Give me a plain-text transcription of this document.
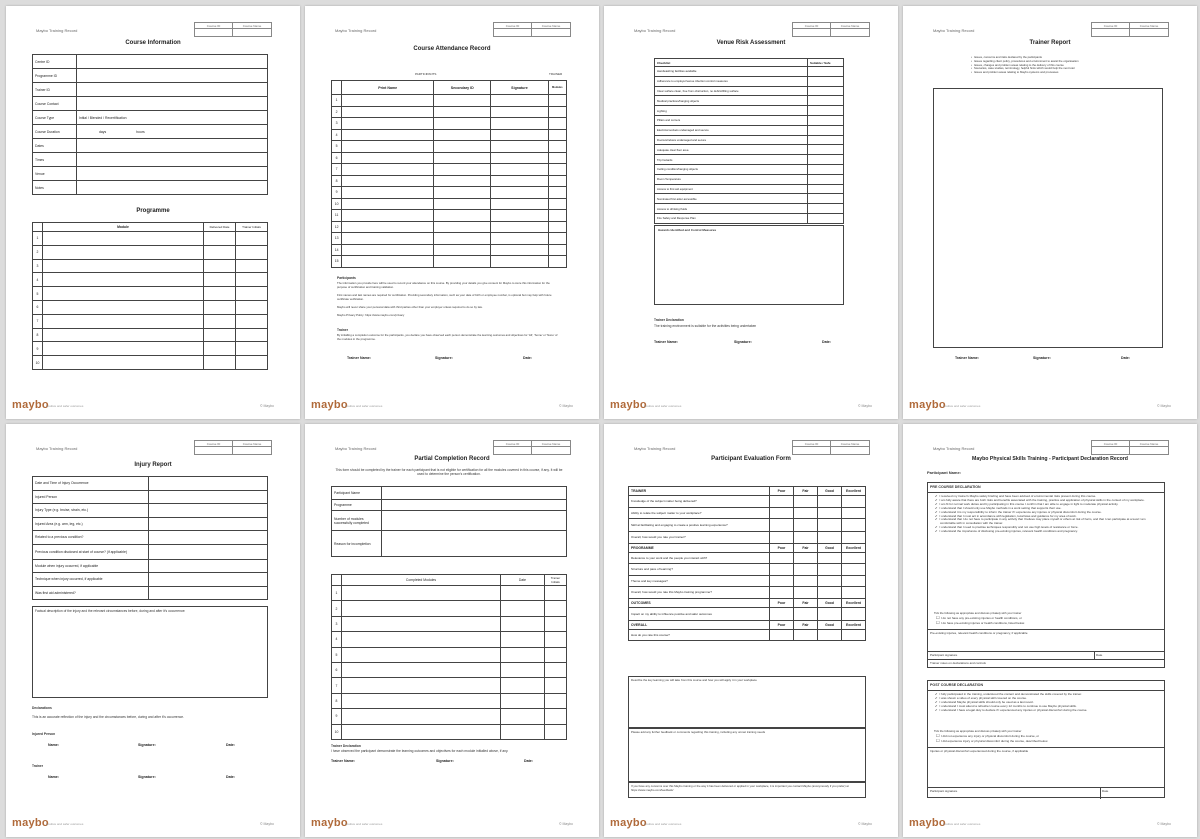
Maybo Training Record
Course ID	Course Name
Course Information
Centre ID	
Programme ID	
Trainer ID	
Course Contact	
Course Type	Initial / Blended / Recertification
Course Duration	days hours
Dates	
Times	
Venue	
Notes	
Programme
	Module	Delivered Date	Trainer Initials
1			
2			
3			
4			
5			
6			
7			
8			
9			
10			
maybo
positive and safer outcomes	© Maybo
Maybo Training Record
Course ID	Course Name
Course Attendance Record
PARTICIPANTS	TRAINER
	Print Name	Secondary ID	Signature	Modules
1				
2				
3				
4				
5				
6				
7				
8				
9				
10				
11				
12				
13				
14				
15				
Participants
The information you provide here will be used to record your attendance on this course. By providing your details you give consent for Maybo to store this information for the purpose of certification and training validation.
First names and last names are required for certification. Providing secondary information, such as your date of birth or employee number, is optional but may help with future certificate verification.
Maybo will never share your personal data with third parties other than your employer unless required to do so by law.
Maybo Privacy Policy: https://www.maybo.com/privacy
Trainer
By initialling a completion outcome for the participants, you declare you have observed each person demonstrate the learning outcomes and objectives for 'All', 'Some' or 'None' of the modules in the programme.
Trainer Name:	Signature:	Date:
maybo
positive and safer outcomes	© Maybo
Maybo Training Record
Course ID	Course Name
Venue Risk Assessment
Checklist	Suitable / Safe
Handwashing facilities available	
Adherence to employer/venue infection control measures	
Clear surface clean, free from obstruction, no debris/lifting surface	
Medical practices/hanging objects	
Lighting	
Pillars and corners	
Electrical sockets undamaged and secure	
Doors/windows undamaged and secure	
Adequate clear floor area	
Trip hazards	
Ceiling condition/hanging objects	
Room Temperature	
Access to first aid equipment	
Nominated first aider accessible	
Access to drinking fluids	
Fire Safety and Response Plan	
Hazards Identified and Control Measures
Trainer Declaration
The training environment is suitable for the activities being undertaken
Trainer Name:	Signature:	Date:
maybo
positive and safer outcomes	© Maybo
Maybo Training Record
Course ID	Course Name
Trainer Report
• Issues, concerns and risks declared by the participants
• Issues regarding client policy, procedures and environment to assist the organisation
• Issues, changes and problem areas relating to the delivery of this course
• Scenarios, case studies, terminology, helpful hints which would help the next tutor
• Issues and problem areas relating to Maybo systems and processes
Trainer Name:	Signature:	Date:
maybo
positive and safer outcomes	© Maybo
Maybo Training Record
Course ID	Course Name
Injury Report
Date and Time of Injury Occurrence	
Injured Person	
Injury Type (e.g. bruise, strain, etc.)	
Injured Area (e.g. arm, leg, etc.)	
Related to a previous condition?	
Previous condition disclosed at start of course? (if applicable)	
Module when injury occurred, if applicable	
Technique when injury occurred, if applicable	
Was first aid administered?	
Factual description of the injury and the relevant circumstances before, during and after it's occurrence:
Declarations
This is an accurate reflection of the injury and the circumstances before, during and after it's occurrence.
Injured Person
Name:	Signature:	Date:
Trainer
Name:	Signature:	Date:
maybo
positive and safer outcomes	© Maybo
Maybo Training Record
Course ID	Course Name
Partial Completion Record
This form should be completed by the trainer for each participant that is not eligible for certification for all the modules covered in this course, if any. It will be used to determine the person's certification.
Participant Name	
Programme	
Number of modules successfully completed	
Reason for incompletion	
	Completed Modules	Date	Trainer Initials
1			
2			
3			
4			
5			
6			
7			
8			
9			
10			
Trainer Declaration
I have observed the participant demonstrate the learning outcomes and objectives for each module initialled above, if any.
Trainer Name:	Signature:	Date:
maybo
positive and safer outcomes	© Maybo
Maybo Training Record
Course ID	Course Name
Participant Evaluation Form
TRAINER	Poor	Fair	Good	Excellent
Knowledge of the subject matter being delivered?				
Ability to relate the subject matter to your workplace?				
Skill at facilitating and engaging to create a positive learning experience?				
Overall, how would you rate your trainer?				
PROGRAMME	Poor	Fair	Good	Excellent
Relevance to your work and the people you interact with?				
Structure and pace of learning?				
Theme and key messages?				
Overall, how would you rate this Maybo training programme?				
OUTCOMES	Poor	Fair	Good	Excellent
Impact on my ability to influence positive and safer outcomes				
OVERALL	Poor	Fair	Good	Excellent
How do you rate this course?				
Describe the key learning you will take from this course and how you will apply it in your workplace
Please add any further feedback or comments regarding this training, including any unmet training needs
If you have any concerns over this Maybo training or the way it has been delivered or applied in your workplace, it is important you contact Maybo (anonymously if you prefer) at https://www.maybo.com/feedback/
maybo
positive and safer outcomes	© Maybo
Maybo Training Record
Course ID	Course Name
Maybo Physical Skills Training - Participant Declaration Record
Participant Name:
PRE COURSE DECLARATION
✔ I received my trainer's Maybo safety briefing and have been advised of environmental risks present during this course.
✔ I am fully aware that there are both risks and benefits associated with the training, practice and application of physical skills in the context of my workplace.
✔ I am fit for normal work duties and by participating in this course I confirm that I am able to engage in light to moderate physical activity.
✔ I understand that I should only use Maybo methods in a work setting that supports their use.
✔ I understand it is my responsibility to inform the trainer if I experience any injuries or physical discomfort during the course.
✔ I understand that I must act in accordance with legislation, local laws and guidance for my area of work.
✔ I understand that I do not have to participate in any activity that I believe may place myself or others at risk of harm, and that I can participate at a level I am comfortable with in consultation with the trainer.
✔ I understand that I need to practise techniques responsibly and not use high levels of resistance or force.
✔ I understand the importance of disclosing pre-existing injuries, relevant health conditions and pregnancy.
Tick the following as appropriate and discuss privately with your trainer
☐I do not have any pre-existing injuries or health conditions, or
☐I do have pre-existing injuries or health conditions, listed below.
Pre-existing injuries, relevant health conditions or pregnancy, if applicable
Participant signature	Date
Trainer notes on declarations and controls
POST COURSE DECLARATION
✔ I fully participated in the training, understood the content and demonstrated the skills covered by the trainer.
✔ I was shown a video of every physical skill covered on the course.
✔ I understand Maybo physical skills should only be used as a last resort.
✔ I understand I must attend a refresher course every 12 months to continue to use Maybo physical skills.
✔ I understand I have a legal duty to declare if I experienced any injuries or physical discomfort during the course.
Tick the following as appropriate and discuss privately with your trainer
☐I did not experience any injury or physical discomfort during the course, or
☐I did experience injury or physical discomfort during the course, described below.
Injuries or physical discomfort experienced during the course, if applicable
Participant signature	Date
maybo
positive and safer outcomes	© Maybo
